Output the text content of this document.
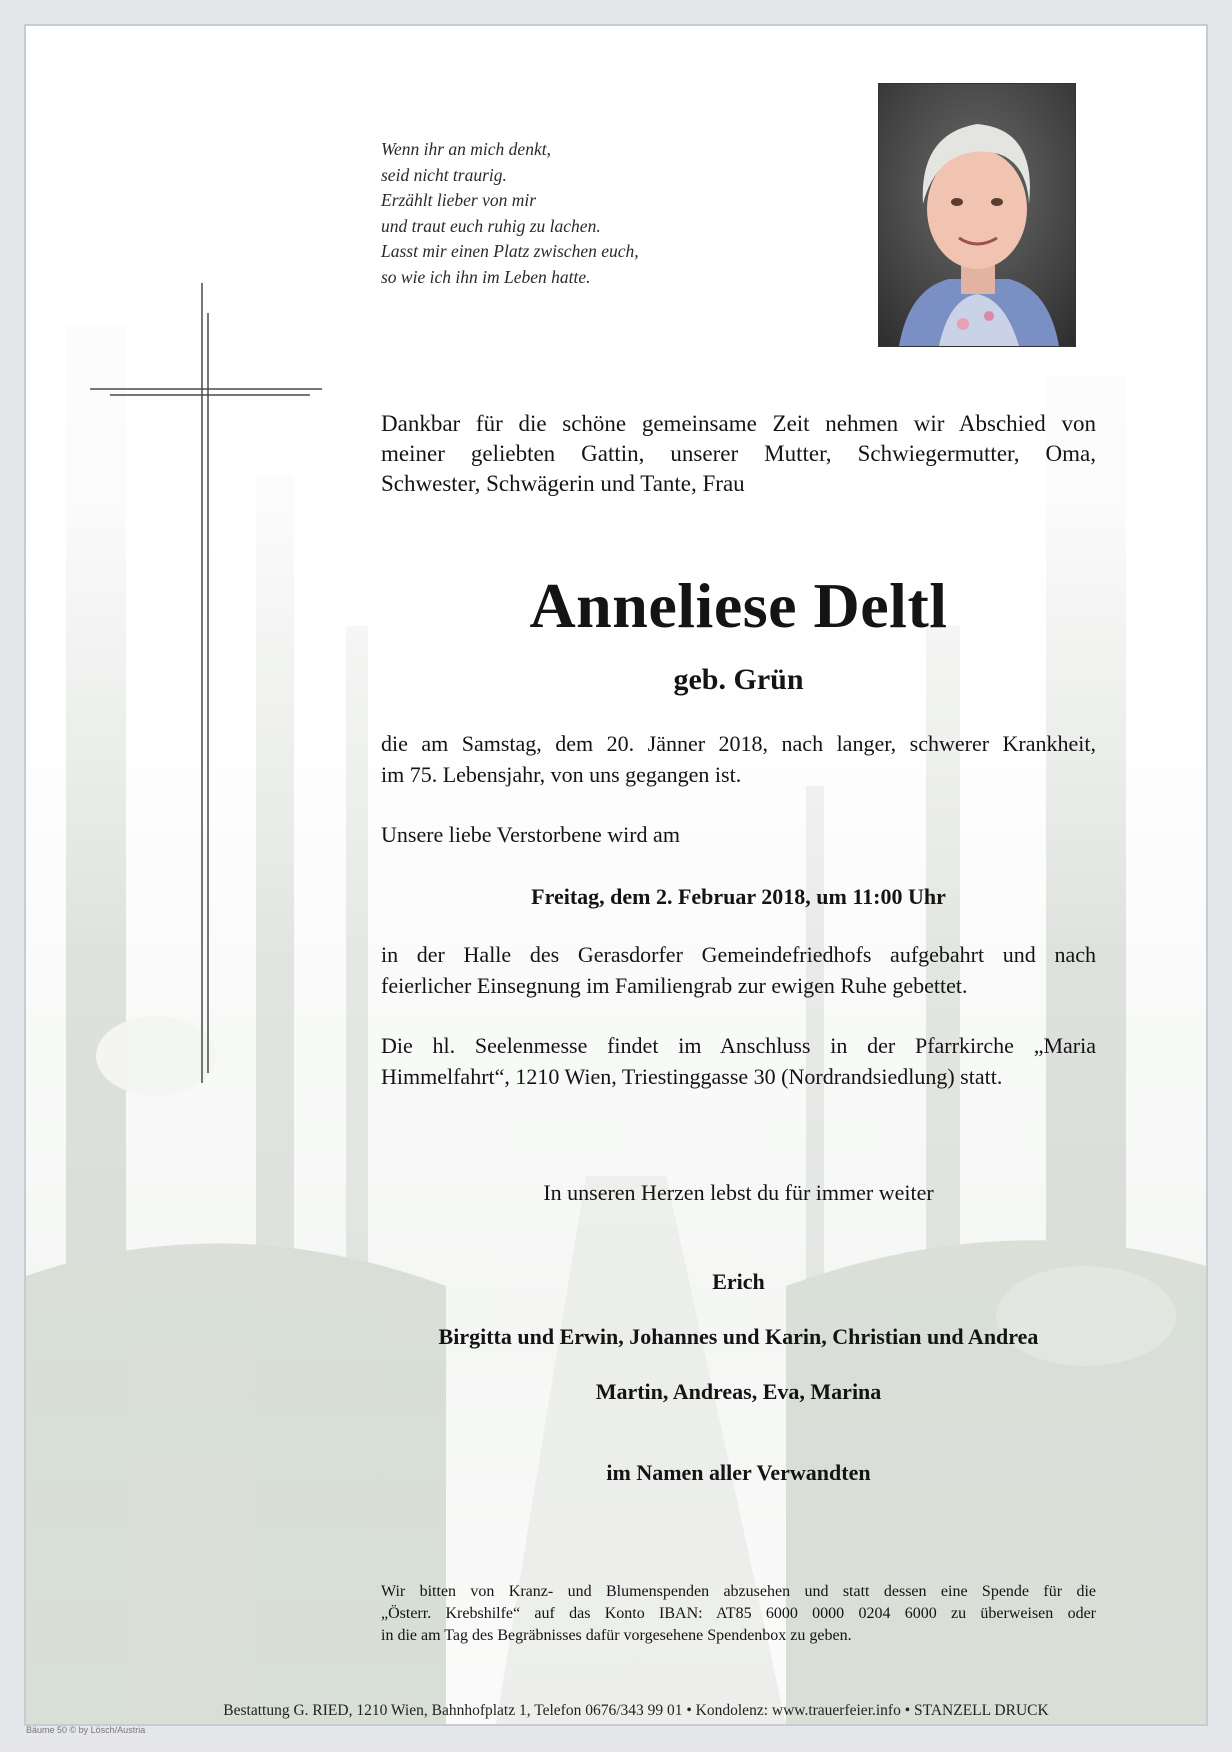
Wenn ihr an mich denkt,
seid nicht traurig.
Erzählt lieber von mir
und traut euch ruhig zu lachen.
Lasst mir einen Platz zwischen euch,
so wie ich ihn im Leben hatte.

Dankbar für die schöne gemeinsame Zeit nehmen wir Abschied von
meiner geliebten Gattin, unserer Mutter, Schwiegermutter, Oma,
Schwester, Schwägerin und Tante, Frau

Anneliese Deltl
geb. Grün

die am Samstag, dem 20. Jänner 2018, nach langer, schwerer Krankheit,
im 75. Lebensjahr, von uns gegangen ist.

Unsere liebe Verstorbene wird am

Freitag, dem 2. Februar 2018, um 11:00 Uhr

in der Halle des Gerasdorfer Gemeindefriedhofs aufgebahrt und nach
feierlicher Einsegnung im Familiengrab zur ewigen Ruhe gebettet.

Die hl. Seelenmesse findet im Anschluss in der Pfarrkirche „Maria
Himmelfahrt“, 1210 Wien, Triestinggasse 30 (Nordrandsiedlung) statt.

In unseren Herzen lebst du für immer weiter

Erich

Birgitta und Erwin, Johannes und Karin, Christian und Andrea

Martin, Andreas, Eva, Marina

im Namen aller Verwandten

Wir bitten von Kranz- und Blumenspenden abzusehen und statt dessen eine Spende für die
„Österr. Krebshilfe“ auf das Konto IBAN: AT85 6000 0000 0204 6000 zu überweisen oder
in die am Tag des Begräbnisses dafür vorgesehene Spendenbox zu geben.

Bestattung G. RIED, 1210 Wien, Bahnhofplatz 1, Telefon 0676/343 99 01 • Kondolenz: www.trauerfeier.info • STANZELL DRUCK

Bäume 50 © by Lösch/Austria
